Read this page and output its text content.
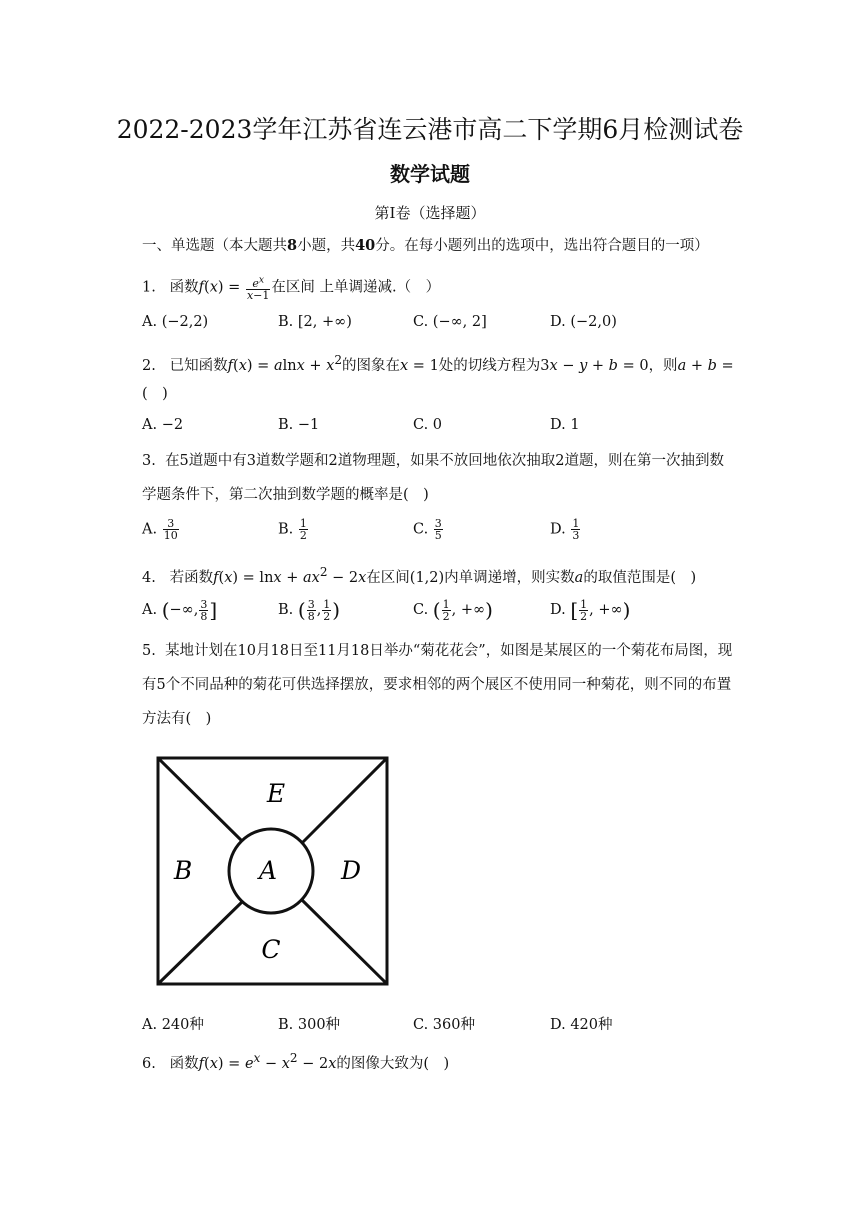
2022-2023学年江苏省连云港市高二下学期6月检测试卷
数学试题
第I卷（选择题）
一、单选题（本大题共8小题，共40分。在每小题列出的选项中，选出符合题目的一项）
1. 函数$f(x) = \frac{e^x}{x-1}$ 在区间 上单调递减.（　）
A. (−2,2)	B. [2, +∞)	C. (−∞, 2]	D. (−2,0)
2. 已知函数$f(x) = alnx + x^2$的图象在x = 1处的切线方程为3x − y + b = 0，则a + b =
(　)
A. −2	B. −1	C. 0	D. 1
3. 在5道题中有3道数学题和2道物理题，如果不放回地依次抽取2道题，则在第一次抽到数
学题条件下，第二次抽到数学题的概率是(　)
A. $\frac{3}{10}$	B. $\frac{1}{2}$	C. $\frac{3}{5}$	D. $\frac{1}{3}$
4. 若函数$f(x) = \ln x + ax^2 - 2x$在区间(1,2)内单调递增，则实数a的取值范围是(　)
A. (−∞, $\frac{3}{8}$ ]	B. ( $\frac{3}{8}$ , $\frac{1}{2}$ )	C. ( $\frac{1}{2}$ , +∞)	D. [ $\frac{1}{2}$ , +∞)
5. 某地计划在10月18日至11月18日举办“菊花花会”，如图是某展区的一个菊花布局图，现
有5个不同品种的菊花可供选择摆放，要求相邻的两个展区不使用同一种菊花，则不同的布置
方法有(　)
E
B	A	D
C
A. 240种	B. 300种	C. 360种	D. 420种
6. 函数$f(x) = e^x - x^2 - 2x$的图像大致为(　)
